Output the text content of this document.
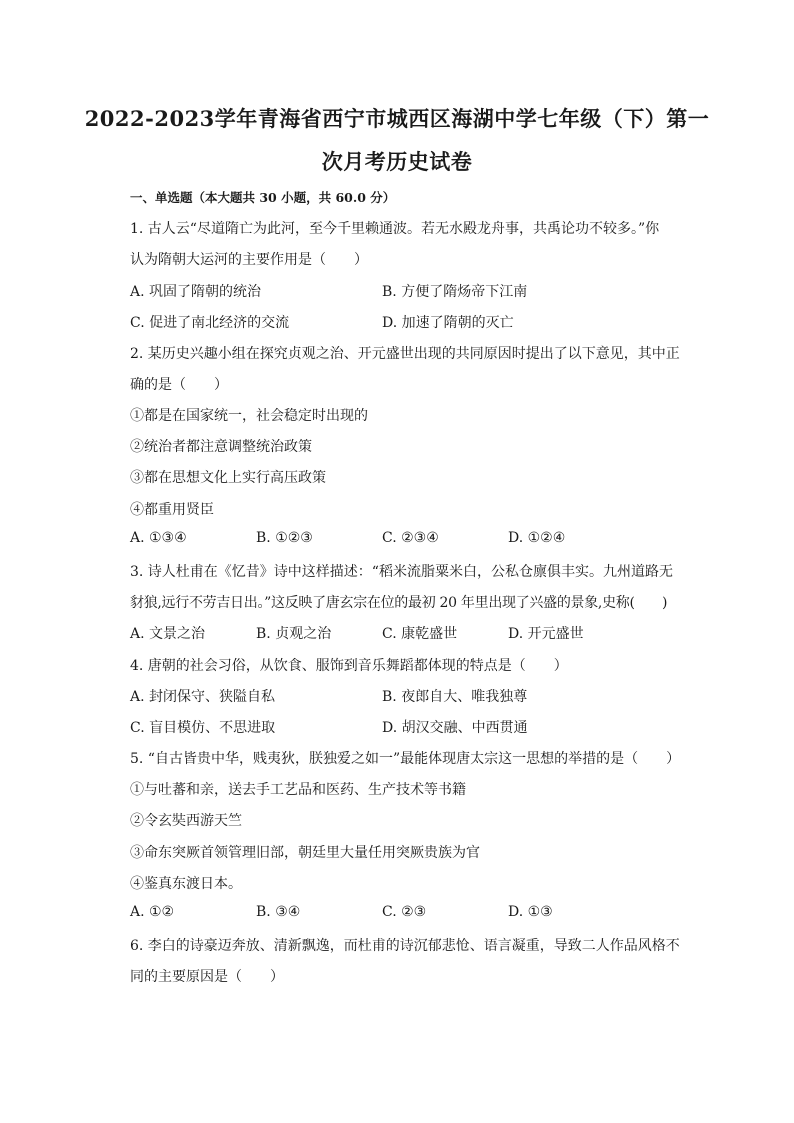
2022-2023学年青海省西宁市城西区海湖中学七年级（下）第一
次月考历史试卷
一、单选题（本大题共 30 小题，共 60.0 分）
1. 古人云“尽道隋亡为此河，至今千里赖通波。若无水殿龙舟事，共禹论功不较多。”你
认为隋朝大运河的主要作用是（　　）
A. 巩固了隋朝的统治	B. 方便了隋炀帝下江南
C. 促进了南北经济的交流	D. 加速了隋朝的灭亡
2. 某历史兴趣小组在探究贞观之治、开元盛世出现的共同原因时提出了以下意见，其中正
确的是（　　）
①都是在国家统一，社会稳定时出现的
②统治者都注意调整统治政策
③都在思想文化上实行高压政策
④都重用贤臣
A. ①③④	B. ①②③	C. ②③④	D. ①②④
3. 诗人杜甫在《忆昔》诗中这样描述：“稻米流脂粟米白，公私仓廪俱丰实。九州道路无
豺狼,远行不劳吉日出。”这反映了唐玄宗在位的最初 20 年里出现了兴盛的景象,史称(　　)
A. 文景之治	B. 贞观之治	C. 康乾盛世	D. 开元盛世
4. 唐朝的社会习俗，从饮食、服饰到音乐舞蹈都体现的特点是（　　）
A. 封闭保守、狭隘自私	B. 夜郎自大、唯我独尊
C. 盲目模仿、不思进取	D. 胡汉交融、中西贯通
5. “自古皆贵中华，贱夷狄，朕独爱之如一”最能体现唐太宗这一思想的举措的是（　　）
①与吐蕃和亲，送去手工艺品和医药、生产技术等书籍
②令玄奘西游天竺
③命东突厥首领管理旧部，朝廷里大量任用突厥贵族为官
④鉴真东渡日本。
A. ①②	B. ③④	C. ②③	D. ①③
6. 李白的诗豪迈奔放、清新飘逸，而杜甫的诗沉郁悲怆、语言凝重，导致二人作品风格不
同的主要原因是（　　）
